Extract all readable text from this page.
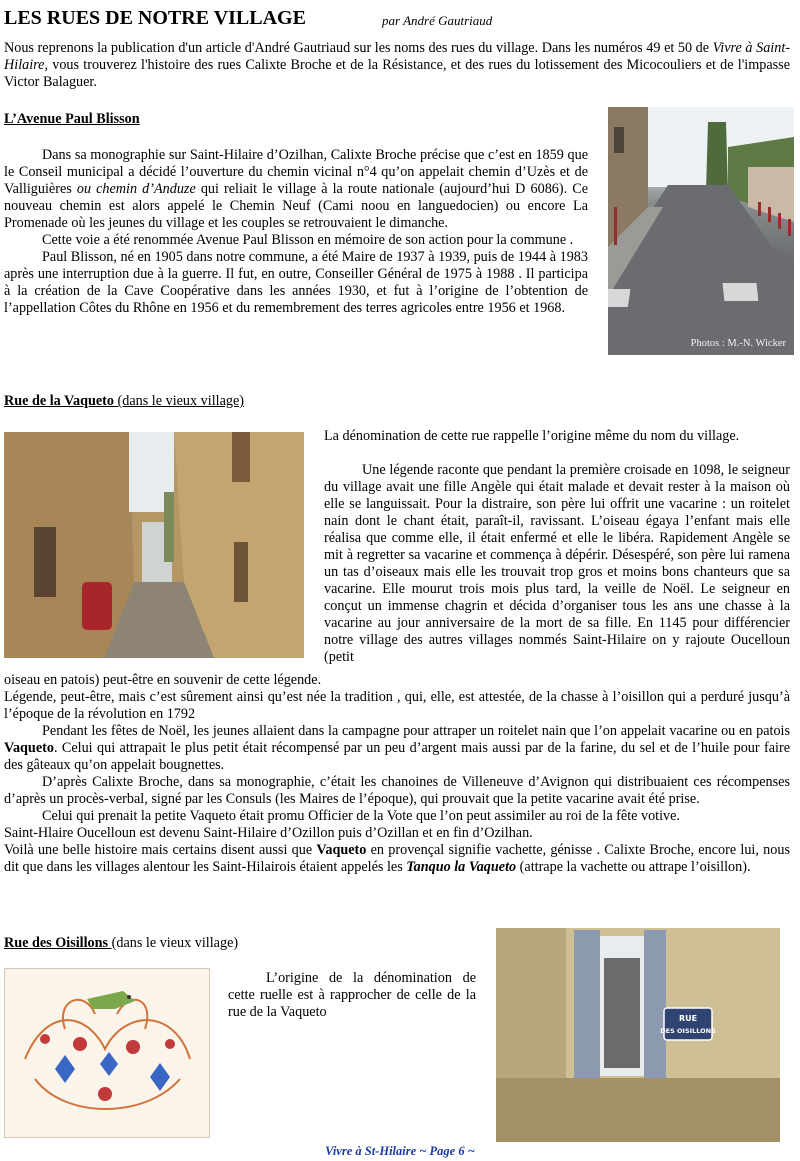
LES RUES DE NOTRE VILLAGE	par André Gautriaud

Nous reprenons la publication d'un article d'André Gautriaud sur les noms des rues du village. Dans les numéros 49 et 50 de Vivre à Saint-Hilaire, vous trouverez l'histoire des rues Calixte Broche et de la Résistance, et des rues du lotissement des Micocouliers et de l'impasse Victor Balaguer.

L’Avenue Paul Blisson

Dans sa monographie sur Saint-Hilaire d’Ozilhan, Calixte Broche précise que c’est en 1859 que le Conseil municipal a décidé l’ouverture du chemin vicinal n°4 qu’on appelait chemin d’Uzès et de Valliguières ou chemin d’Anduze qui reliait le village à la route nationale (aujourd’hui D 6086). Ce nouveau chemin est alors appelé le Chemin Neuf (Cami noou en languedocien) ou encore La Promenade où les jeunes du village et les couples se retrouvaient le dimanche.

Cette voie a été renommée Avenue Paul Blisson en mémoire de son action pour la commune .

Paul Blisson, né en 1905 dans notre commune, a été Maire de 1937 à 1939, puis de 1944 à 1983 après une interruption due à la guerre. Il fut, en outre, Conseiller Général de 1975 à 1988 . Il participa à la création de la Cave Coopérative dans les années 1930, et fut à l’origine de l’obtention de l’appellation Côtes du Rhône en 1956 et du remembrement des terres agricoles entre 1956 et 1968.

Photos : M.-N. Wicker
Rue de la Vaqueto (dans le vieux village)

La dénomination de cette rue rappelle l’origine même du nom du village.

Une légende raconte que pendant la première croisade en 1098, le seigneur du village avait une fille Angèle qui était malade et devait rester à la maison où elle se languissait. Pour la distraire, son père lui offrit une vacarine : un roitelet nain dont le chant était, paraît-il, ravissant. L’oiseau égaya l’enfant mais elle réalisa que comme elle, il était enfermé et elle le libéra. Rapidement Angèle se mit à regretter sa vacarine et commença à dépérir. Désespéré, son père lui ramena un tas d’oiseaux mais elle les trouvait trop gros et moins bons chanteurs que sa vacarine. Elle mourut trois mois plus tard, la veille de Noël. Le seigneur en conçut un immense chagrin et décida d’organiser tous les ans une chasse à la vacarine au jour anniversaire de la mort de sa fille. En 1145 pour différencier notre village des autres villages nommés Saint-Hilaire on y rajoute Oucelloun (petit

oiseau en patois) peut-être en souvenir de cette légende.

Légende, peut-être, mais c’est sûrement ainsi qu’est née la tradition , qui, elle, est attestée, de la chasse à l’oisillon qui a perduré jusqu’à l’époque de la révolution en 1792

Pendant les fêtes de Noël, les jeunes allaient dans la campagne pour attraper un roitelet nain que l’on appelait vacarine ou en patois Vaqueto. Celui qui attrapait le plus petit était récompensé par un peu d’argent mais aussi par de la farine, du sel et de l’huile pour faire des gâteaux qu’on appelait bougnettes.

D’après Calixte Broche, dans sa monographie, c’était les chanoines de Villeneuve d’Avignon qui distribuaient ces récompenses d’après un procès-verbal, signé par les Consuls (les Maires de l’époque), qui prouvait que la petite vacarine avait été prise.

Celui qui prenait la petite Vaqueto était promu Officier de la Vote que l’on peut assimiler au roi de la fête votive.

Saint-Hlaire Oucelloun est devenu Saint-Hilaire d’Ozillon puis d’Ozillan et en fin d’Ozilhan.

Voilà une belle histoire mais certains disent aussi que Vaqueto en provençal signifie vachette, génisse . Calixte Broche, encore lui, nous dit que dans les villages alentour les Saint-Hilairois étaient appelés les Tanquo la Vaqueto (attrape la vachette ou attrape l’oisillon).

Rue des Oisillons (dans le vieux village)

L’origine de la dénomination de cette ruelle est à rapprocher de celle de la rue de la Vaqueto	RUE
DES OISILLONS
Vivre à St-Hilaire ~ Page 6 ~
